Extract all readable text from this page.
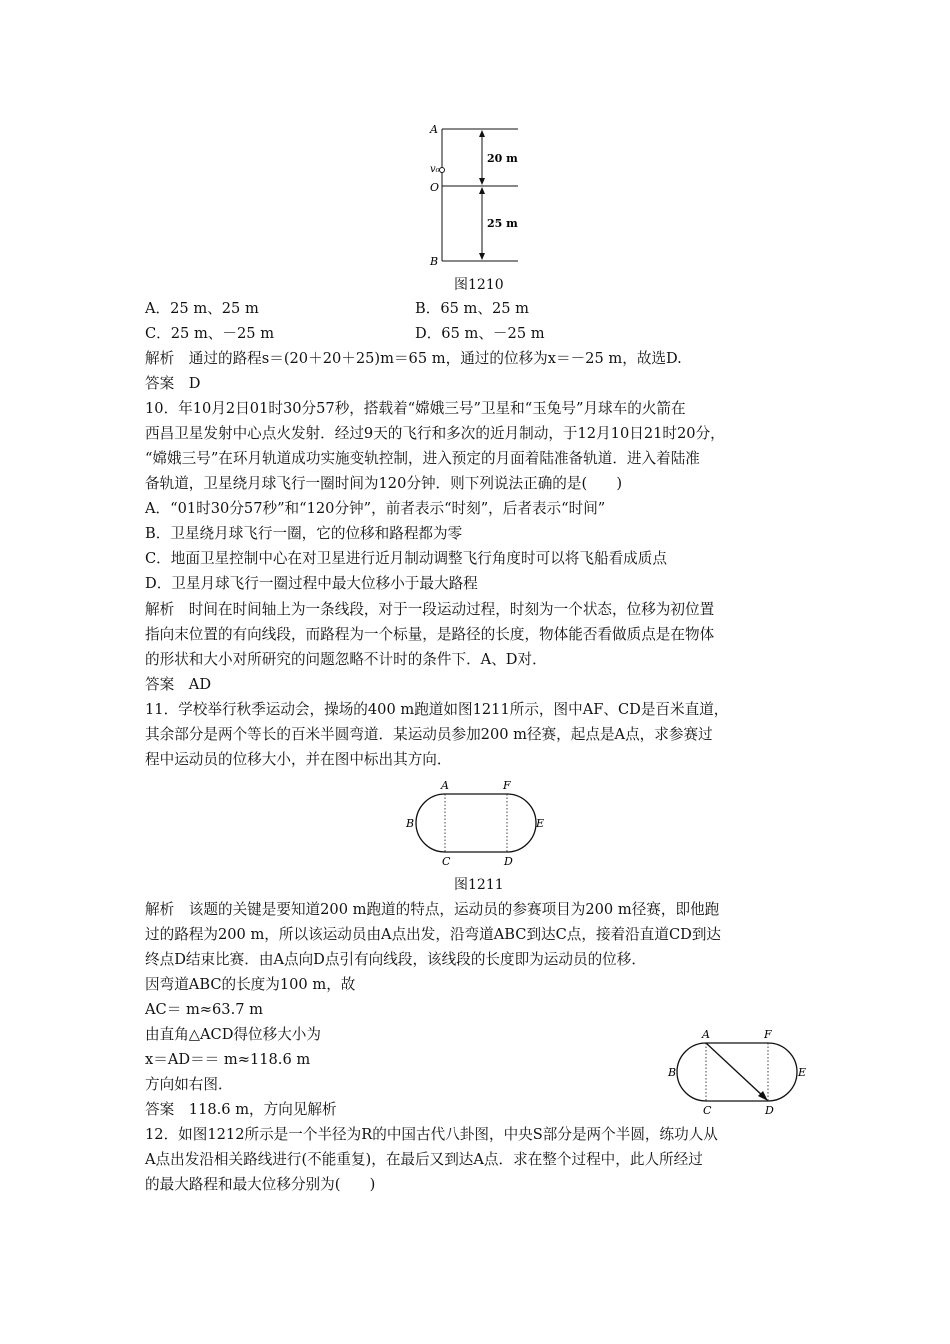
A
v₀
O
B
20 m
25 m
图1210
A．25 m、25 m	B．65 m、25 m
C．25 m、－25 m	D．65 m、－25 m
解析　通过的路程s＝(20＋20＋25)m＝65 m，通过的位移为x＝－25 m，故选D.
答案　D
10．年10月2日01时30分57秒，搭载着“嫦娥三号”卫星和“玉兔号”月球车的火箭在
西昌卫星发射中心点火发射．经过9天的飞行和多次的近月制动，于12月10日21时20分，
“嫦娥三号”在环月轨道成功实施变轨控制，进入预定的月面着陆准备轨道．进入着陆准
备轨道，卫星绕月球飞行一圈时间为120分钟．则下列说法正确的是(　　)
A．“01时30分57秒”和“120分钟”，前者表示“时刻”，后者表示“时间”
B．卫星绕月球飞行一圈，它的位移和路程都为零
C．地面卫星控制中心在对卫星进行近月制动调整飞行角度时可以将飞船看成质点
D．卫星月球飞行一圈过程中最大位移小于最大路程
解析　时间在时间轴上为一条线段，对于一段运动过程，时刻为一个状态，位移为初位置
指向末位置的有向线段，而路程为一个标量，是路径的长度，物体能否看做质点是在物体
的形状和大小对所研究的问题忽略不计时的条件下．A、D对．
答案　AD
11．学校举行秋季运动会，操场的400 m跑道如图1211所示，图中AF、CD是百米直道，
其余部分是两个等长的百米半圆弯道．某运动员参加200 m径赛，起点是A点，求参赛过
程中运动员的位移大小，并在图中标出其方向．
A	F
B	E
C	D
图1211
解析　该题的关键是要知道200 m跑道的特点，运动员的参赛项目为200 m径赛，即他跑
过的路程为200 m，所以该运动员由A点出发，沿弯道ABC到达C点，接着沿直道CD到达
终点D结束比赛．由A点向D点引有向线段，该线段的长度即为运动员的位移．
因弯道ABC的长度为100 m，故
AC＝ m≈63.7 m
由直角△ACD得位移大小为
x＝AD＝＝ m≈118.6 m
方向如右图．
答案　118.6 m，方向见解析
12．如图1212所示是一个半径为R的中国古代八卦图，中央S部分是两个半圆，练功人从
A点出发沿相关路线进行(不能重复)，在最后又到达A点．求在整个过程中，此人所经过
的最大路程和最大位移分别为(　　)
A	F
B	E
C	D
